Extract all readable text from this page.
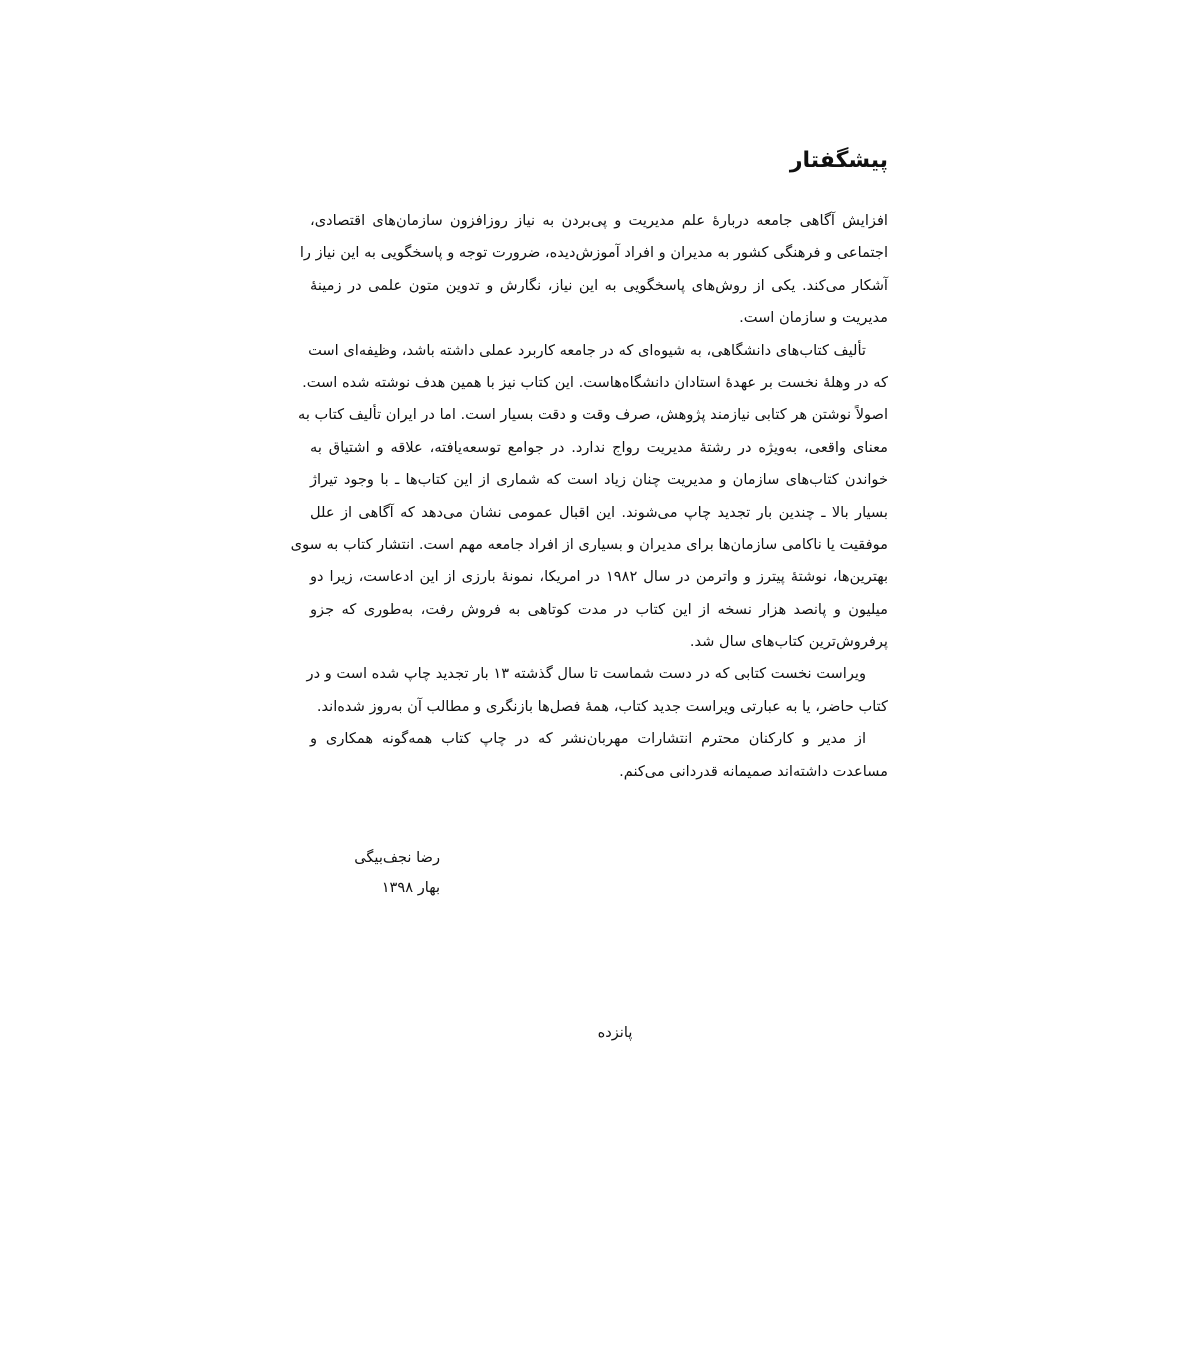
پیشگفتار
افزایش آگاهی جامعه دربارهٔ علم مدیریت و پی‌بردن به نیاز روزافزون سازمان‌های اقتصادی،
اجتماعی و فرهنگی کشور به مدیران و افراد آموزش‌دیده، ضرورت توجه و پاسخگویی به این نیاز را
آشکار می‌کند. یکی از روش‌های پاسخگویی به این نیاز، نگارش و تدوین متون علمی در زمینهٔ
مدیریت و سازمان است.
تألیف کتاب‌های دانشگاهی، به شیوه‌ای که در جامعه کاربرد عملی داشته باشد، وظیفه‌ای است
که در وهلهٔ نخست بر عهدهٔ استادان دانشگاه‌هاست. این کتاب نیز با همین هدف نوشته شده است.
اصولاً نوشتن هر کتابی نیازمند پژوهش، صرف وقت و دقت بسیار است. اما در ایران تألیف کتاب به
معنای واقعی، به‌ویژه در رشتهٔ مدیریت رواج ندارد. در جوامع توسعه‌یافته، علاقه و اشتیاق به
خواندن کتاب‌های سازمان و مدیریت چنان زیاد است که شماری از این کتاب‌ها ـ با وجود تیراژ
بسیار بالا ـ چندین بار تجدید چاپ می‌شوند. این اقبال عمومی نشان می‌دهد که آگاهی از علل
موفقیت یا ناکامی سازمان‌ها برای مدیران و بسیاری از افراد جامعه مهم است. انتشار کتاب به سوی
بهترین‌ها، نوشتهٔ پیترز و واترمن در سال ۱۹۸۲ در امریکا، نمونهٔ بارزی از این ادعاست، زیرا دو
میلیون و پانصد هزار نسخه از این کتاب در مدت کوتاهی به فروش رفت، به‌طوری که جزو
پرفروش‌ترین کتاب‌های سال شد.
ویراست نخست کتابی که در دست شماست تا سال گذشته ۱۳ بار تجدید چاپ شده است و در
کتاب حاضر، یا به عبارتی ویراست جدید کتاب، همهٔ فصل‌ها بازنگری و مطالب آن به‌روز شده‌اند.
از مدیر و کارکنان محترم انتشارات مهربان‌نشر که در چاپ کتاب همه‌گونه همکاری و
مساعدت داشته‌اند صمیمانه قدردانی می‌کنم.
رضا نجف‌بیگی
بهار ۱۳۹۸
پانزده
